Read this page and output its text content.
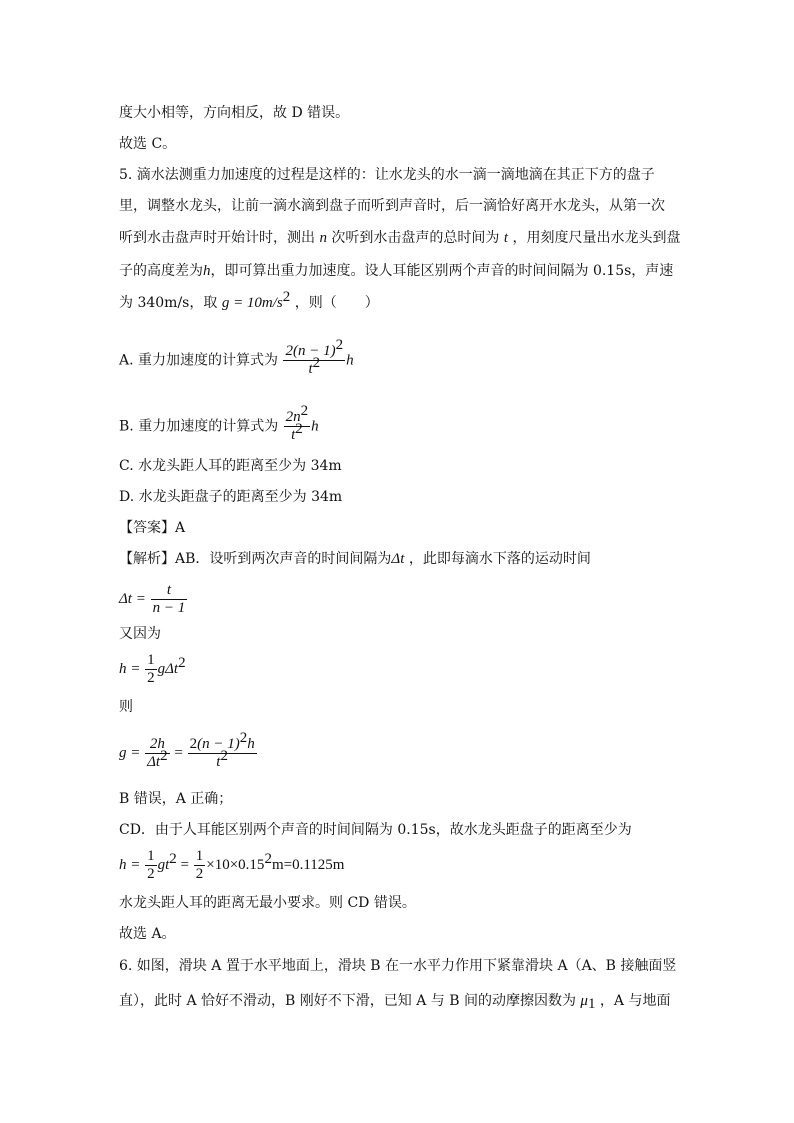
度大小相等，方向相反，故 D 错误。
故选 C。
5. 滴水法测重力加速度的过程是这样的：让水龙头的水一滴一滴地滴在其正下方的盘子
里，调整水龙头，让前一滴水滴到盘子而听到声音时，后一滴恰好离开水龙头，从第一次
听到水击盘声时开始计时，测出 n 次听到水击盘声的总时间为 t ，用刻度尺量出水龙头到盘
子的高度差为h，即可算出重力加速度。设人耳能区别两个声音的时间间隔为 0.15s，声速
为 340m/s，取 $g = 10m/s^2$ ，则（　　）
A. 重力加速度的计算式为 $\frac{2(n - 1)^2}{t^2}$ h
B. 重力加速度的计算式为 $\frac{2n^2}{t^2}$ h
C. 水龙头距人耳的距离至少为 34m
D. 水龙头距盘子的距离至少为 34m
【答案】A
【解析】AB．设听到两次声音的时间间隔为Δt ，此即每滴水下落的运动时间
$\Delta t = \frac{t}{n - 1}$
又因为
$h = \frac{1}{2} g\Delta t^2$
则
$g = \frac{2h}{\Delta t^2} = \frac{2(n - 1)^2h}{t^2}$
B 错误，A 正确；
CD．由于人耳能区别两个声音的时间间隔为 0.15s，故水龙头距盘子的距离至少为
$h = \frac{1}{2} gt^2 = \frac{1}{2} \times 10\times 0.15^2m=0.1125m$
水龙头距人耳的距离无最小要求。则 CD 错误。
故选 A。
6. 如图，滑块 A 置于水平地面上，滑块 B 在一水平力作用下紧靠滑块 A（A、B 接触面竖
直），此时 A 恰好不滑动，B 刚好不下滑，已知 A 与 B 间的动摩擦因数为 $\mu_1$ ，A 与地面
